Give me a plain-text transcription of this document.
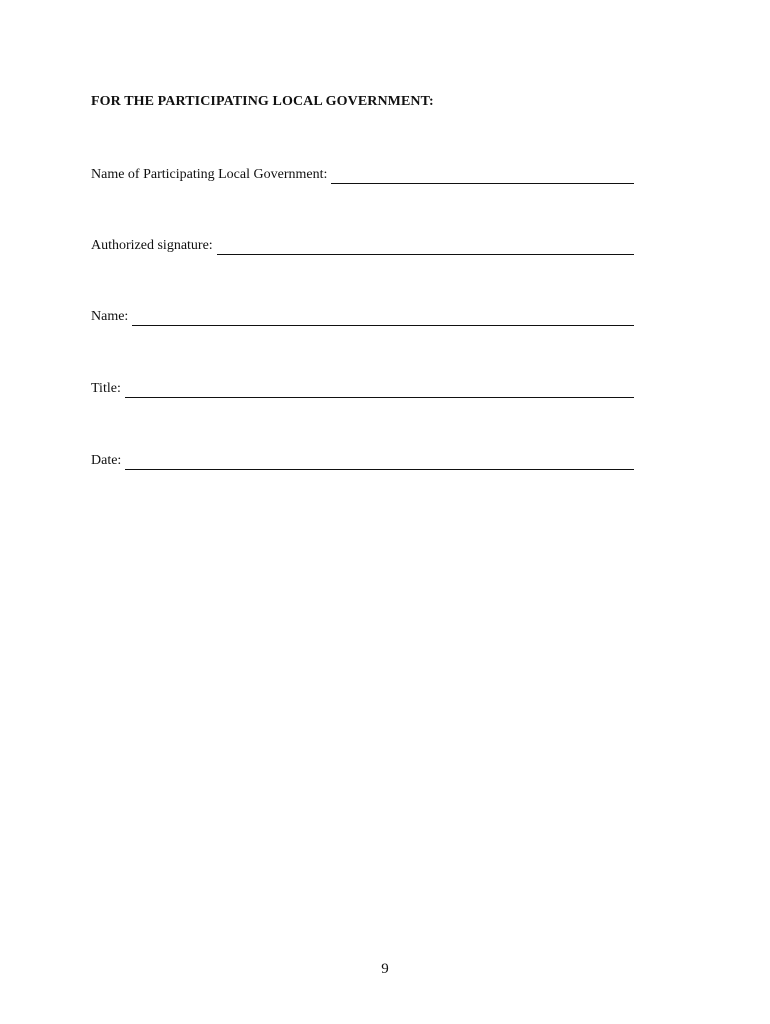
FOR THE PARTICIPATING LOCAL GOVERNMENT:
Name of Participating Local Government:
Authorized signature:
Name:
Title:
Date:
9
